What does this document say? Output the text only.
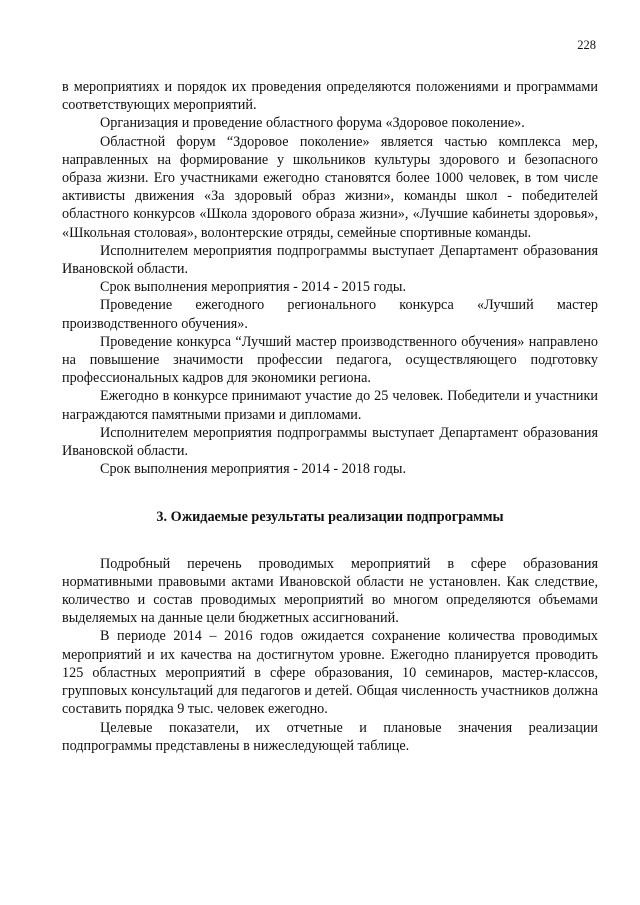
228

в мероприятиях и порядок их проведения определяются положениями и программами соответствующих мероприятий.

Организация и проведение областного форума «Здоровое поколение».

Областной форум “Здоровое поколение» является частью комплекса мер, направленных на формирование у школьников культуры здорового и безопасного образа жизни. Его участниками ежегодно становятся более 1000 человек, в том числе активисты движения «За здоровый образ жизни», команды школ - победителей областного конкурсов «Школа здорового образа жизни», «Лучшие кабинеты здоровья», «Школьная столовая», волонтерские отряды, семейные спортивные команды.

Исполнителем мероприятия подпрограммы выступает Департамент образования Ивановской области.

Срок выполнения мероприятия - 2014 - 2015 годы.

Проведение ежегодного регионального конкурса «Лучший мастер производственного обучения».

Проведение конкурса “Лучший мастер производственного обучения» направлено на повышение значимости профессии педагога, осуществляющего подготовку профессиональных кадров для экономики региона.

Ежегодно в конкурсе принимают участие до 25 человек. Победители и участники награждаются памятными призами и дипломами.

Исполнителем мероприятия подпрограммы выступает Департамент образования Ивановской области.

Срок выполнения мероприятия - 2014 - 2018 годы.

3. Ожидаемые результаты реализации подпрограммы

Подробный перечень проводимых мероприятий в сфере образования нормативными правовыми актами Ивановской области не установлен. Как следствие, количество и состав проводимых мероприятий во многом определяются объемами выделяемых на данные цели бюджетных ассигнований.

В периоде 2014 – 2016 годов ожидается сохранение количества проводимых мероприятий и их качества на достигнутом уровне. Ежегодно планируется проводить 125 областных мероприятий в сфере образования, 10 семинаров, мастер-классов, групповых консультаций для педагогов и детей. Общая численность участников должна составить порядка 9 тыс. человек ежегодно.

Целевые показатели, их отчетные и плановые значения реализации подпрограммы представлены в нижеследующей таблице.
